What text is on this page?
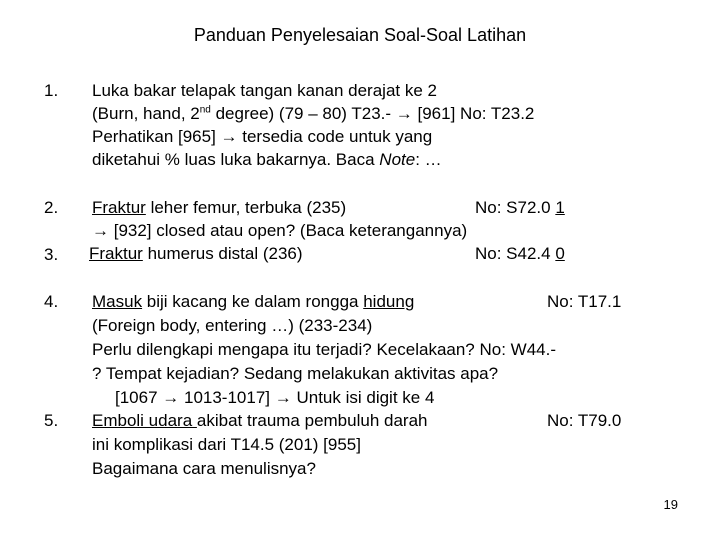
Panduan Penyelesaian Soal-Soal Latihan
1. Luka bakar telapak tangan kanan derajat ke 2
(Burn, hand, 2nd degree) (79 – 80) T23.- → [961] No: T23.2
Perhatikan [965] → tersedia code untuk yang
diketahui % luas luka bakarnya. Baca Note: …
2. Fraktur leher femur, terbuka (235)	No: S72.0 1
→ [932] closed atau open? (Baca keterangannya)
3. Fraktur humerus distal (236)	No: S42.4 0
4. Masuk biji kacang ke dalam rongga hidung	No: T17.1
(Foreign body, entering …) (233-234)
Perlu dilengkapi mengapa itu terjadi? Kecelakaan? No: W44.-
? Tempat kejadian? Sedang melakukan aktivitas apa?
[1067 → 1013-1017] → Untuk isi digit ke 4
5. Emboli udara akibat trauma pembuluh darah	No: T79.0
ini komplikasi dari T14.5 (201) [955]
Bagaimana cara menulisnya?
19
